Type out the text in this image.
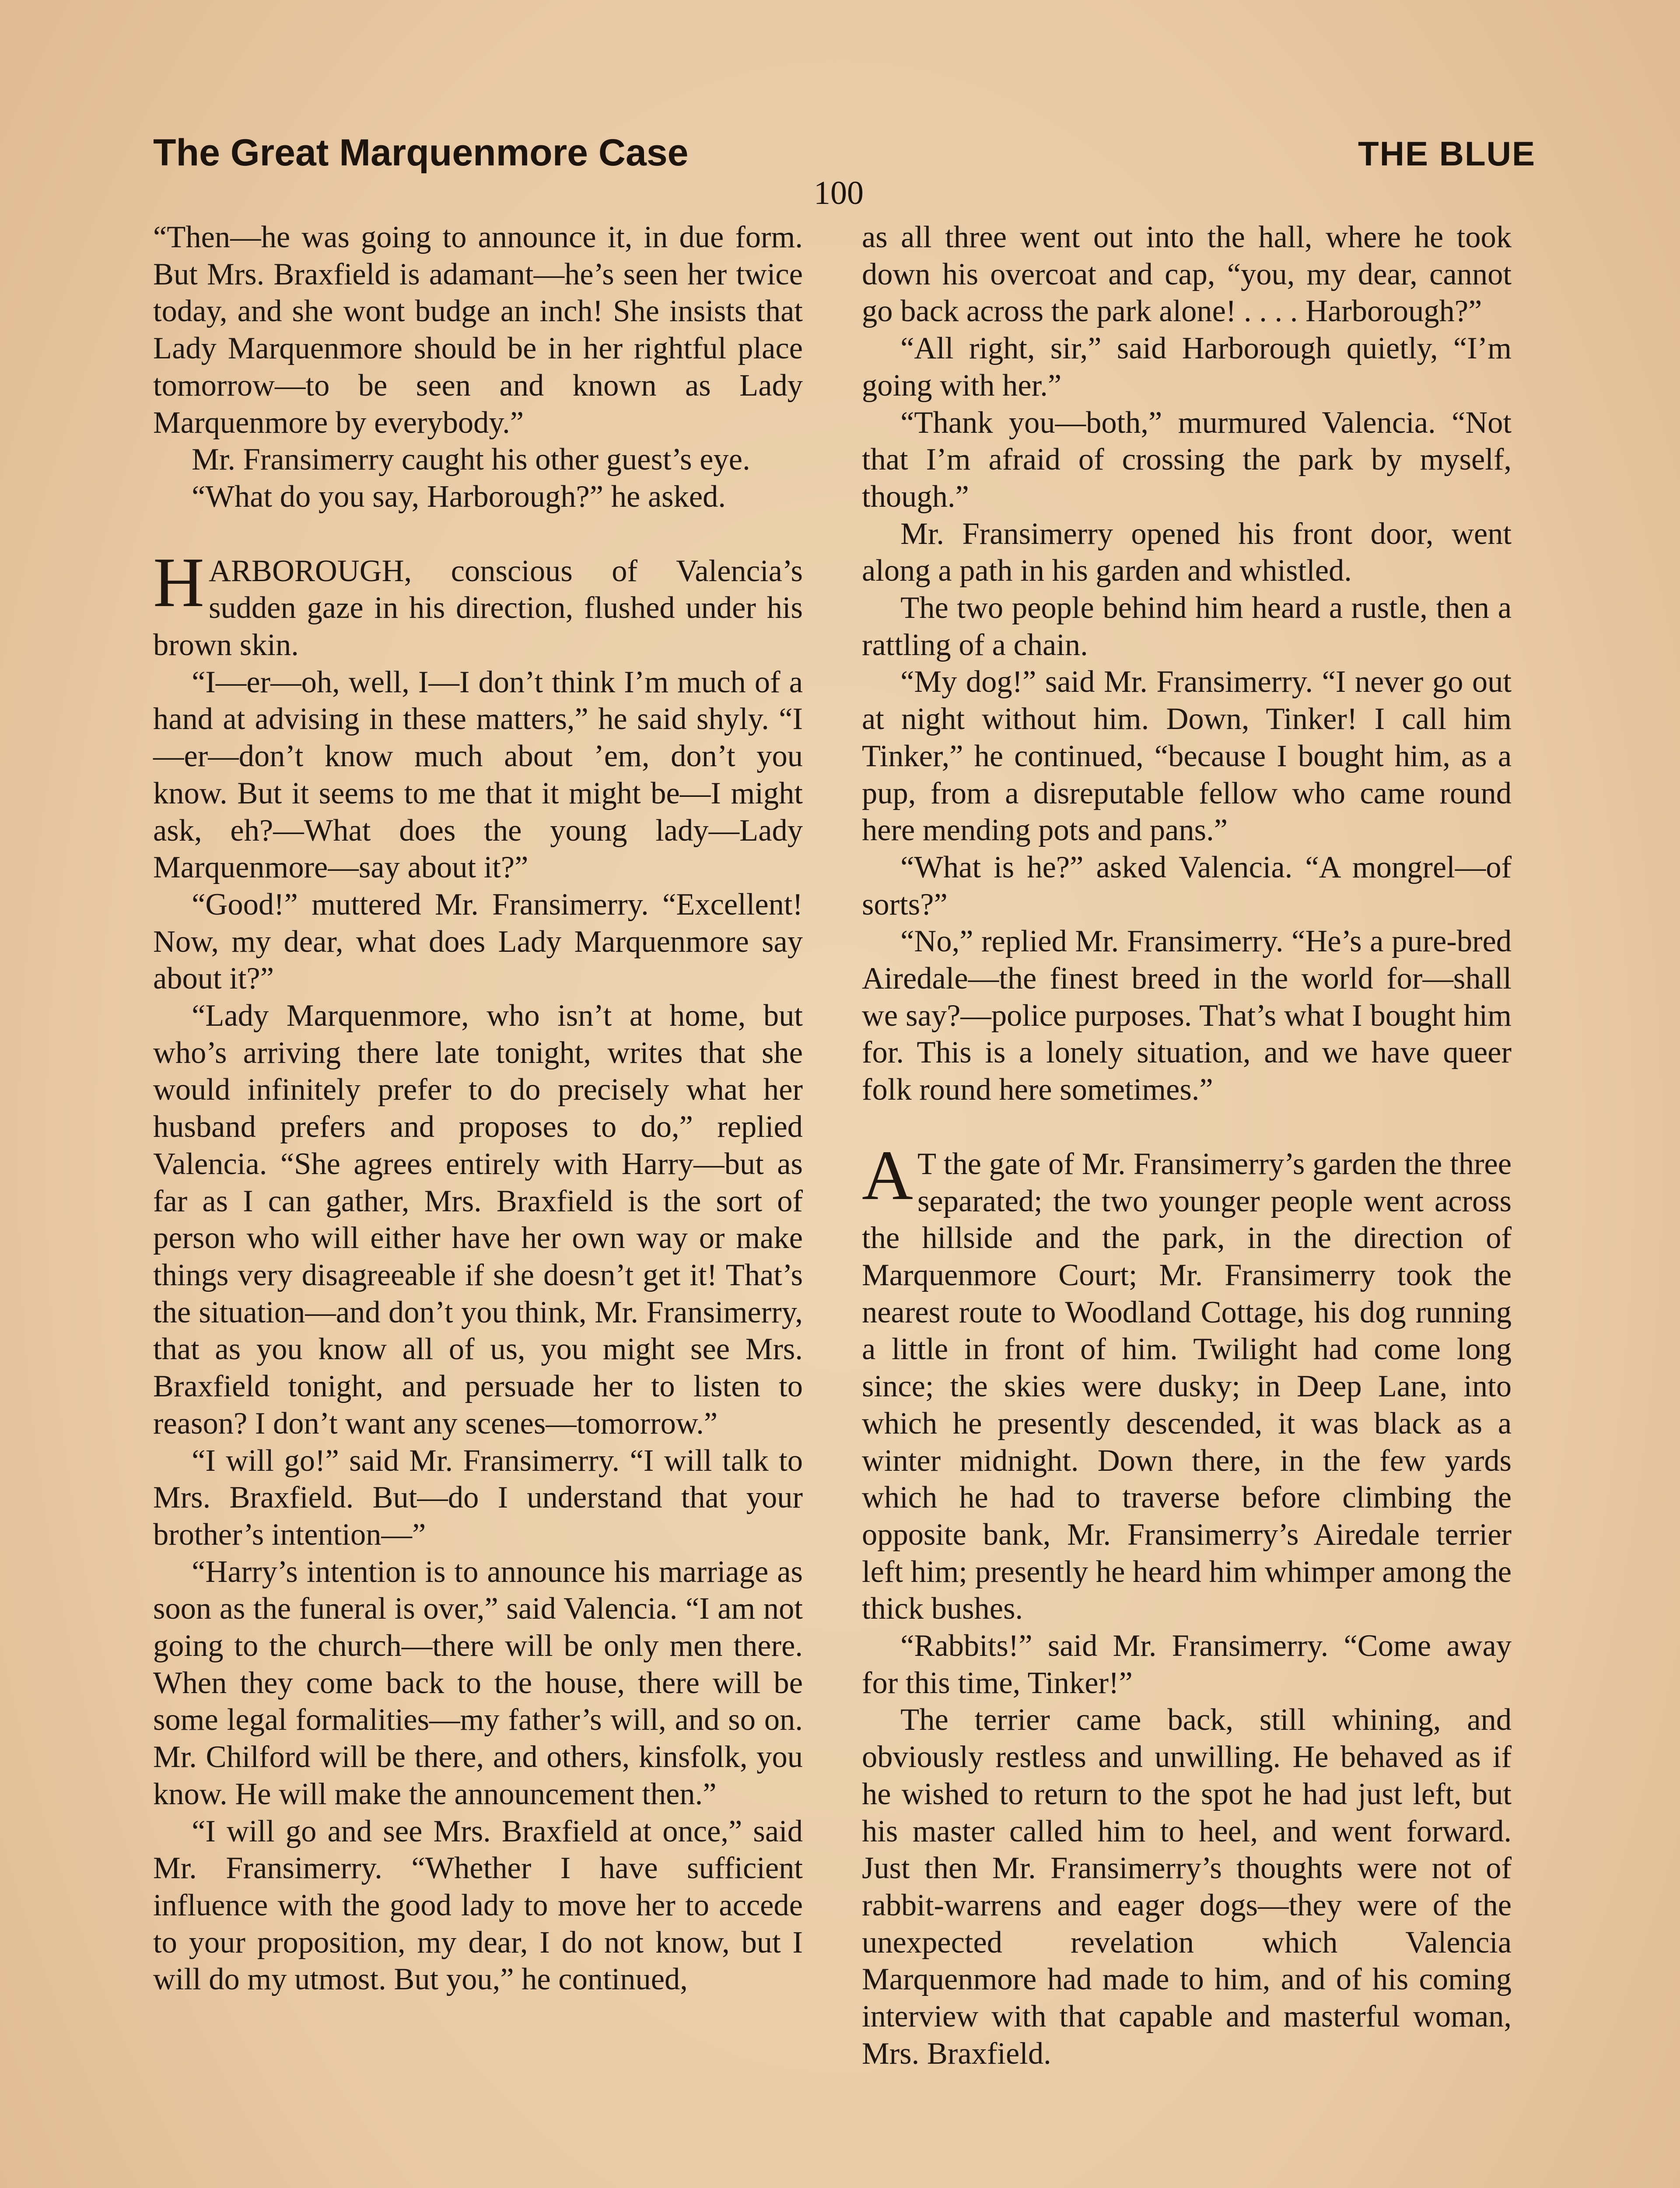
The Great Marquenmore Case	THE BLUE
100

“Then—he was going to announce it, in due form. But Mrs. Braxfield is adamant—he’s seen her twice today, and she wont budge an inch! She insists that Lady Marquenmore should be in her rightful place tomorrow—to be seen and known as Lady Marquenmore by everybody.”

Mr. Fransimerry caught his other guest’s eye.

“What do you say, Harborough?” he asked.

HARBOROUGH, conscious of Valencia’s sudden gaze in his direction, flushed under his brown skin.

“I—er—oh, well, I—I don’t think I’m much of a hand at advising in these matters,” he said shyly. “I—er—don’t know much about ’em, don’t you know. But it seems to me that it might be—I might ask, eh?—What does the young lady—Lady Marquenmore—say about it?”

“Good!” muttered Mr. Fransimerry. “Excellent! Now, my dear, what does Lady Marquenmore say about it?”

“Lady Marquenmore, who isn’t at home, but who’s arriving there late tonight, writes that she would infinitely prefer to do precisely what her husband prefers and proposes to do,” replied Valencia. “She agrees entirely with Harry—but as far as I can gather, Mrs. Braxfield is the sort of person who will either have her own way or make things very disagreeable if she doesn’t get it! That’s the situation—and don’t you think, Mr. Fransimerry, that as you know all of us, you might see Mrs. Braxfield tonight, and persuade her to listen to reason? I don’t want any scenes—tomorrow.”

“I will go!” said Mr. Fransimerry. “I will talk to Mrs. Braxfield. But—do I understand that your brother’s intention—”

“Harry’s intention is to announce his marriage as soon as the funeral is over,” said Valencia. “I am not going to the church—there will be only men there. When they come back to the house, there will be some legal formalities—my father’s will, and so on. Mr. Chilford will be there, and others, kinsfolk, you know. He will make the announcement then.”

“I will go and see Mrs. Braxfield at once,” said Mr. Fransimerry. “Whether I have sufficient influence with the good lady to move her to accede to your proposition, my dear, I do not know, but I will do my utmost. But you,” he continued,

as all three went out into the hall, where he took down his overcoat and cap, “you, my dear, cannot go back across the park alone! . . . . Harborough?”

“All right, sir,” said Harborough quietly, “I’m going with her.”

“Thank you—both,” murmured Valencia. “Not that I’m afraid of crossing the park by myself, though.”

Mr. Fransimerry opened his front door, went along a path in his garden and whistled.

The two people behind him heard a rustle, then a rattling of a chain.

“My dog!” said Mr. Fransimerry. “I never go out at night without him. Down, Tinker! I call him Tinker,” he continued, “because I bought him, as a pup, from a disreputable fellow who came round here mending pots and pans.”

“What is he?” asked Valencia. “A mongrel—of sorts?”

“No,” replied Mr. Fransimerry. “He’s a pure-bred Airedale—the finest breed in the world for—shall we say?—police purposes. That’s what I bought him for. This is a lonely situation, and we have queer folk round here sometimes.”

AT the gate of Mr. Fransimerry’s garden the three separated; the two younger people went across the hillside and the park, in the direction of Marquenmore Court; Mr. Fransimerry took the nearest route to Woodland Cottage, his dog running a little in front of him. Twilight had come long since; the skies were dusky; in Deep Lane, into which he presently descended, it was black as a winter midnight. Down there, in the few yards which he had to traverse before climbing the opposite bank, Mr. Fransimerry’s Airedale terrier left him; presently he heard him whimper among the thick bushes.

“Rabbits!” said Mr. Fransimerry. “Come away for this time, Tinker!”

The terrier came back, still whining, and obviously restless and unwilling. He behaved as if he wished to return to the spot he had just left, but his master called him to heel, and went forward. Just then Mr. Fransimerry’s thoughts were not of rabbit-warrens and eager dogs—they were of the unexpected revelation which Valencia Marquenmore had made to him, and of his coming interview with that capable and masterful woman, Mrs. Braxfield.
